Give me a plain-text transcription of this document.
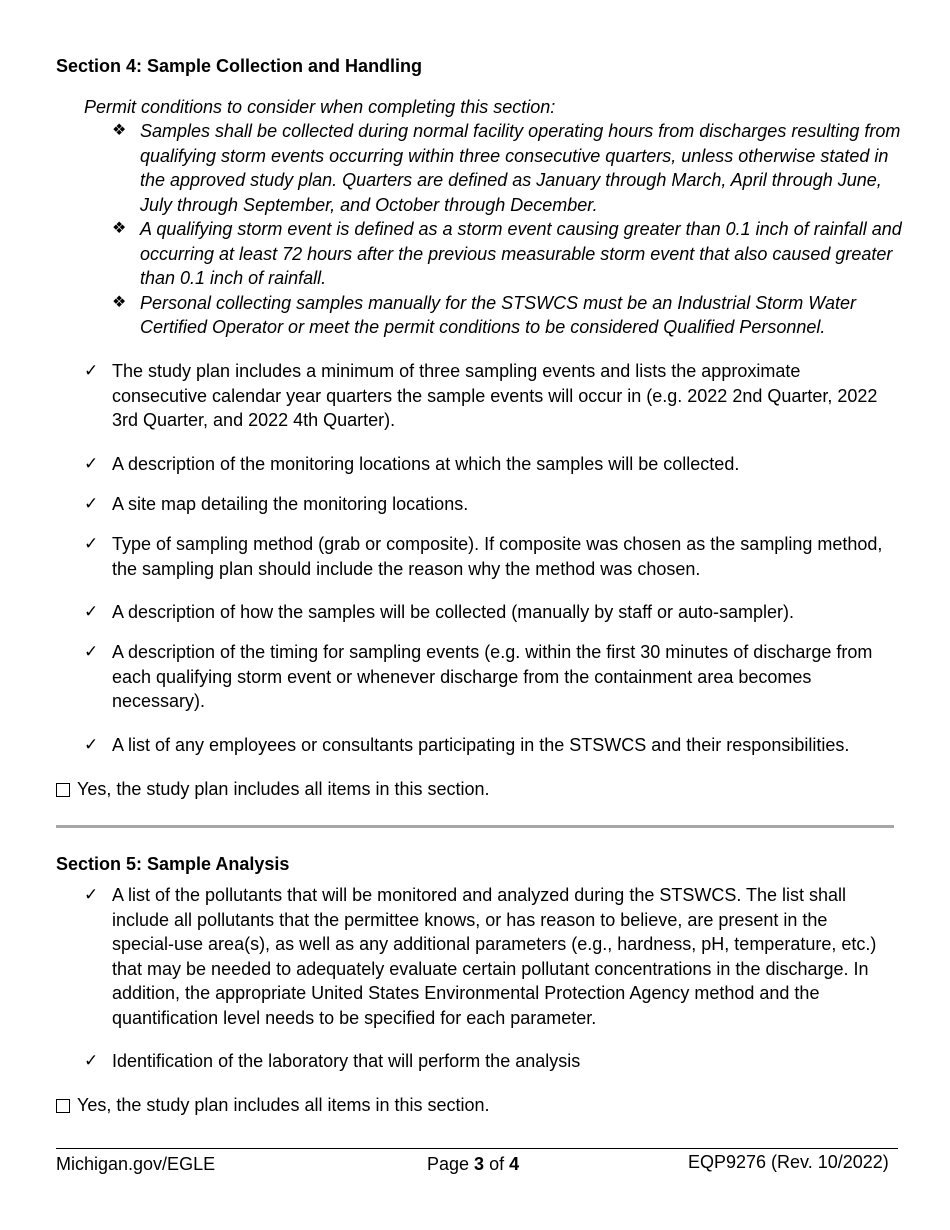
Section 4: Sample Collection and Handling

Permit conditions to consider when completing this section:

❖ Samples shall be collected during normal facility operating hours from discharges resulting from qualifying storm events occurring within three consecutive quarters, unless otherwise stated in the approved study plan. Quarters are defined as January through March, April through June, July through September, and October through December.
❖ A qualifying storm event is defined as a storm event causing greater than 0.1 inch of rainfall and occurring at least 72 hours after the previous measurable storm event that also caused greater than 0.1 inch of rainfall.
❖ Personal collecting samples manually for the STSWCS must be an Industrial Storm Water Certified Operator or meet the permit conditions to be considered Qualified Personnel.

✓ The study plan includes a minimum of three sampling events and lists the approximate consecutive calendar year quarters the sample events will occur in (e.g. 2022 2nd Quarter, 2022 3rd Quarter, and 2022 4th Quarter).

✓ A description of the monitoring locations at which the samples will be collected.

✓ A site map detailing the monitoring locations.

✓ Type of sampling method (grab or composite). If composite was chosen as the sampling method, the sampling plan should include the reason why the method was chosen.

✓ A description of how the samples will be collected (manually by staff or auto-sampler).

✓ A description of the timing for sampling events (e.g. within the first 30 minutes of discharge from each qualifying storm event or whenever discharge from the containment area becomes necessary).

✓ A list of any employees or consultants participating in the STSWCS and their responsibilities.

Yes, the study plan includes all items in this section.

Section 5: Sample Analysis

✓ A list of the pollutants that will be monitored and analyzed during the STSWCS. The list shall include all pollutants that the permittee knows, or has reason to believe, are present in the special-use area(s), as well as any additional parameters (e.g., hardness, pH, temperature, etc.) that may be needed to adequately evaluate certain pollutant concentrations in the discharge. In addition, the appropriate United States Environmental Protection Agency method and the quantification level needs to be specified for each parameter.

✓ Identification of the laboratory that will perform the analysis

Yes, the study plan includes all items in this section.

Michigan.gov/EGLE	Page 3 of 4	EQP9276 (Rev. 10/2022)
